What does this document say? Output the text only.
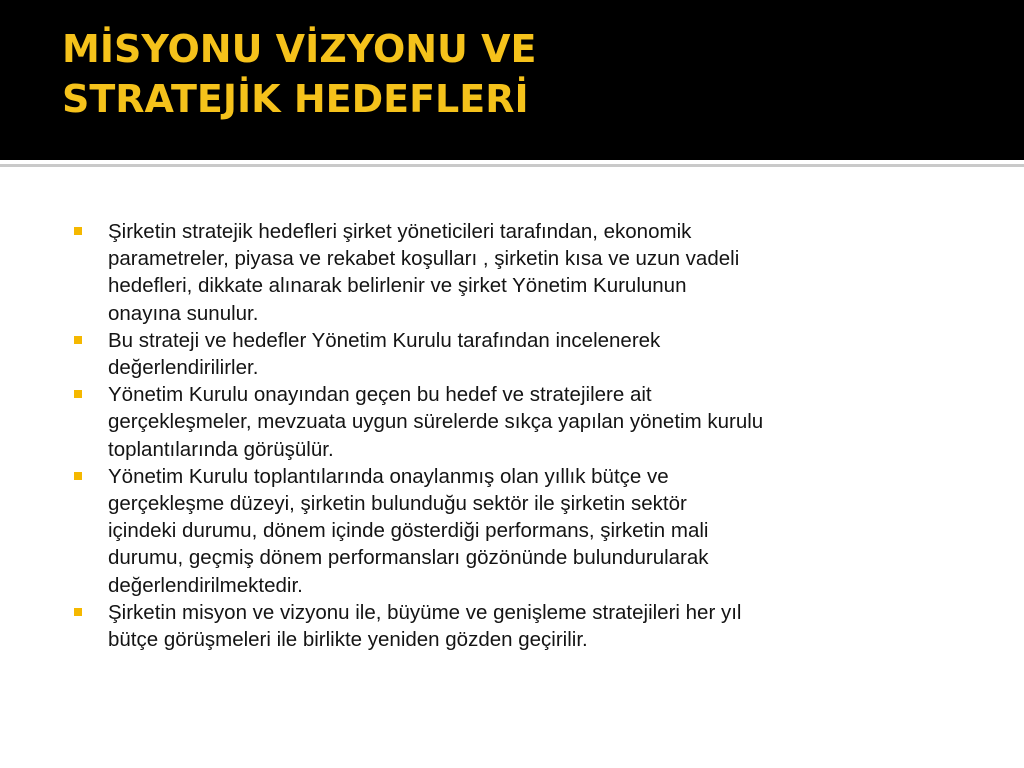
MİSYONU VİZYONU VE
STRATEJİK HEDEFLERİ
Şirketin stratejik hedefleri şirket yöneticileri tarafından, ekonomik
parametreler, piyasa ve rekabet koşulları , şirketin kısa ve uzun vadeli
hedefleri, dikkate alınarak belirlenir ve şirket Yönetim Kurulunun
onayına sunulur.
Bu strateji ve hedefler Yönetim Kurulu tarafından incelenerek
değerlendirilirler.
Yönetim Kurulu onayından geçen bu hedef ve stratejilere ait
gerçekleşmeler, mevzuata uygun sürelerde sıkça yapılan yönetim kurulu
toplantılarında görüşülür.
Yönetim Kurulu toplantılarında onaylanmış olan yıllık bütçe ve
gerçekleşme düzeyi, şirketin bulunduğu sektör ile şirketin sektör
içindeki durumu, dönem içinde gösterdiği performans, şirketin mali
durumu, geçmiş dönem performansları gözönünde bulundurularak
değerlendirilmektedir.
Şirketin misyon ve vizyonu ile, büyüme ve genişleme stratejileri her yıl
bütçe görüşmeleri ile birlikte yeniden gözden geçirilir.
